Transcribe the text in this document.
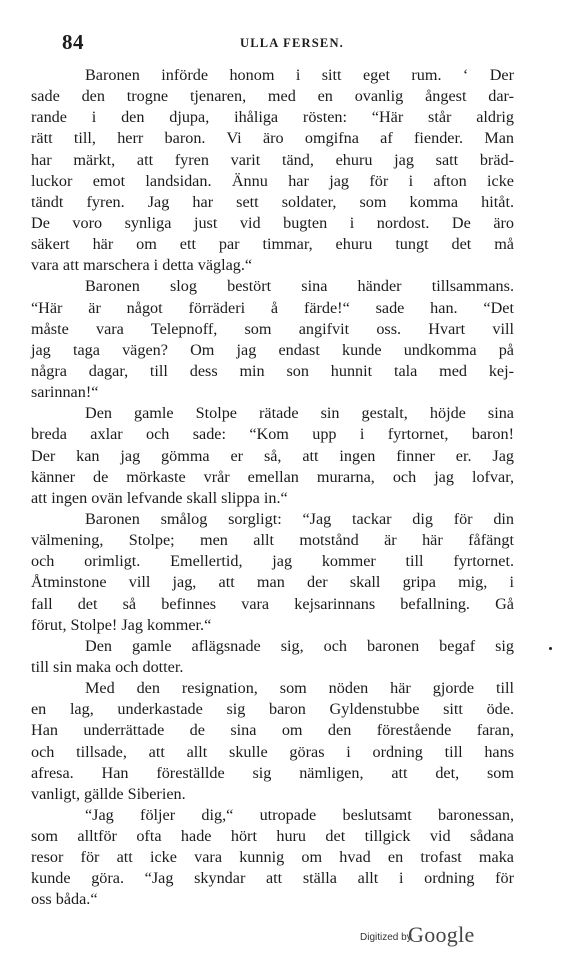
84	ULLA FERSEN.
Baronen införde honom i sitt eget rum. ‘ Der
sade den trogne tjenaren, med en ovanlig ångest dar-
rande i den djupa, ihåliga rösten: “Här står aldrig
rätt till, herr baron. Vi äro omgifna af fiender. Man
har märkt, att fyren varit tänd, ehuru jag satt bräd-
luckor emot landsidan. Ännu har jag för i afton icke
tändt fyren. Jag har sett soldater, som komma hitåt.
De voro synliga just vid bugten i nordost. De äro
säkert här om ett par timmar, ehuru tungt det må
vara att marschera i detta väglag.“
Baronen slog bestört sina händer tillsammans.
“Här är något förräderi å färde!“ sade han. “Det
måste vara Telepnoff, som angifvit oss. Hvart vill
jag taga vägen? Om jag endast kunde undkomma på
några dagar, till dess min son hunnit tala med kej-
sarinnan!“
Den gamle Stolpe rätade sin gestalt, höjde sina
breda axlar och sade: “Kom upp i fyrtornet, baron!
Der kan jag gömma er så, att ingen finner er. Jag
känner de mörkaste vrår emellan murarna, och jag lofvar,
att ingen ovän lefvande skall slippa in.“
Baronen smålog sorgligt: “Jag tackar dig för din
välmening, Stolpe; men allt motstånd är här fåfängt
och orimligt. Emellertid, jag kommer till fyrtornet.
Åtminstone vill jag, att man der skall gripa mig, i
fall det så befinnes vara kejsarinnans befallning. Gå
förut, Stolpe! Jag kommer.“
Den gamle aflägsnade sig, och baronen begaf sig
till sin maka och dotter.
Med den resignation, som nöden här gjorde till
en lag, underkastade sig baron Gyldenstubbe sitt öde.
Han underrättade de sina om den förestående faran,
och tillsade, att allt skulle göras i ordning till hans
afresa. Han föreställde sig nämligen, att det, som
vanligt, gällde Siberien.
“Jag följer dig,“ utropade beslutsamt baronessan,
som alltför ofta hade hört huru det tillgick vid sådana
resor för att icke vara kunnig om hvad en trofast maka
kunde göra. “Jag skyndar att ställa allt i ordning för
oss båda.“
Digitized by
Google
